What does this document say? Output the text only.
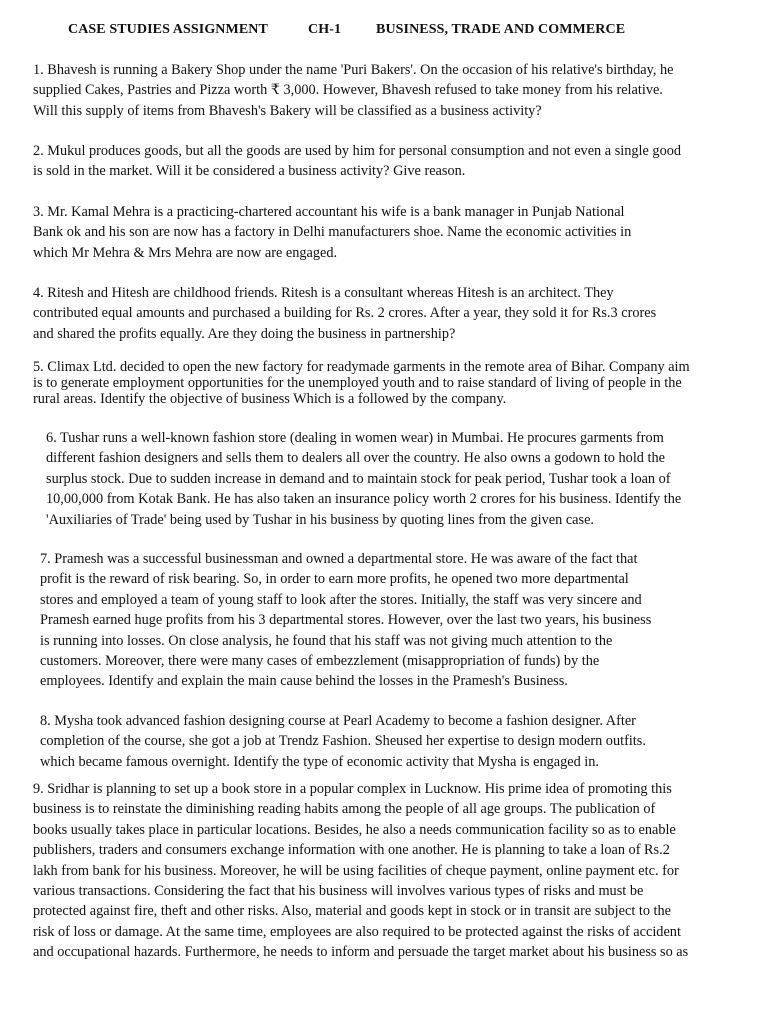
CASE STUDIES ASSIGNMENT	CH-1 BUSINESS, TRADE AND COMMERCE
1. Bhavesh is running a Bakery Shop under the name 'Puri Bakers'. On the occasion of his relative's birthday, he
supplied Cakes, Pastries and Pizza worth ₹ 3,000. However, Bhavesh refused to take money from his relative.
Will this supply of items from Bhavesh's Bakery will be classified as a business activity?
2. Mukul produces goods, but all the goods are used by him for personal consumption and not even a single good
is sold in the market. Will it be considered a business activity? Give reason.
3. Mr. Kamal Mehra is a practicing-chartered accountant his wife is a bank manager in Punjab National
Bank ok and his son are now has a factory in Delhi manufacturers shoe. Name the economic activities in
which Mr Mehra & Mrs Mehra are now are engaged.
4. Ritesh and Hitesh are childhood friends. Ritesh is a consultant whereas Hitesh is an architect. They
contributed equal amounts and purchased a building for Rs. 2 crores. After a year, they sold it for Rs.3 crores
and shared the profits equally. Are they doing the business in partnership?
5. Climax Ltd. decided to open the new factory for readymade garments in the remote area of Bihar. Company aim
is to generate employment opportunities for the unemployed youth and to raise standard of living of people in the
rural areas. Identify the objective of business Which is a followed by the company.
6. Tushar runs a well-known fashion store (dealing in women wear) in Mumbai. He procures garments from
different fashion designers and sells them to dealers all over the country. He also owns a godown to hold the
surplus stock. Due to sudden increase in demand and to maintain stock for peak period, Tushar took a loan of
10,00,000 from Kotak Bank. He has also taken an insurance policy worth 2 crores for his business. Identify the
'Auxiliaries of Trade' being used by Tushar in his business by quoting lines from the given case.
7. Pramesh was a successful businessman and owned a departmental store. He was aware of the fact that
profit is the reward of risk bearing. So, in order to earn more profits, he opened two more departmental
stores and employed a team of young staff to look after the stores. Initially, the staff was very sincere and
Pramesh earned huge profits from his 3 departmental stores. However, over the last two years, his business
is running into losses. On close analysis, he found that his staff was not giving much attention to the
customers. Moreover, there were many cases of embezzlement (misappropriation of funds) by the
employees. Identify and explain the main cause behind the losses in the Pramesh's Business.
8. Mysha took advanced fashion designing course at Pearl Academy to become a fashion designer. After
completion of the course, she got a job at Trendz Fashion. Sheused her expertise to design modern outfits.
which became famous overnight. Identify the type of economic activity that Mysha is engaged in.
9. Sridhar is planning to set up a book store in a popular complex in Lucknow. His prime idea of promoting this
business is to reinstate the diminishing reading habits among the people of all age groups. The publication of
books usually takes place in particular locations. Besides, he also a needs communication facility so as to enable
publishers, traders and consumers exchange information with one another. He is planning to take a loan of Rs.2
lakh from bank for his business. Moreover, he will be using facilities of cheque payment, online payment etc. for
various transactions. Considering the fact that his business will involves various types of risks and must be
protected against fire, theft and other risks. Also, material and goods kept in stock or in transit are subject to the
risk of loss or damage. At the same time, employees are also required to be protected against the risks of accident
and occupational hazards. Furthermore, he needs to inform and persuade the target market about his business so as
